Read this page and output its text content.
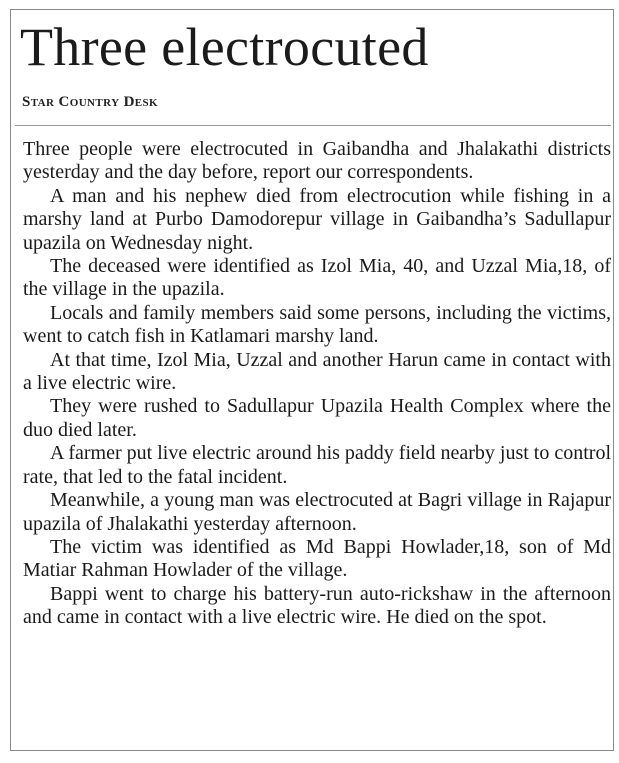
Three electrocuted
Star Country Desk

Three people were electrocuted in Gaibandha and Jhalakathi districts yesterday and the day before, report our correspondents.

A man and his nephew died from electrocution while fishing in a marshy land at Purbo Damodorepur village in Gaibandha’s Sadullapur upazila on Wednesday night.

The deceased were identified as Izol Mia, 40, and Uzzal Mia,18, of the village in the upazila.

Locals and family members said some persons, including the victims, went to catch fish in Katlamari marshy land.

At that time, Izol Mia, Uzzal and another Harun came in contact with a live electric wire.

They were rushed to Sadullapur Upazila Health Complex where the duo died later.

A farmer put live electric around his paddy field nearby just to control rate, that led to the fatal incident.

Meanwhile, a young man was electrocuted at Bagri village in Rajapur upazila of Jhalakathi yesterday afternoon.

The victim was identified as Md Bappi Howlader,18, son of Md Matiar Rahman Howlader of the village.

Bappi went to charge his battery-run auto-rickshaw in the afternoon and came in contact with a live electric wire. He died on the spot.
